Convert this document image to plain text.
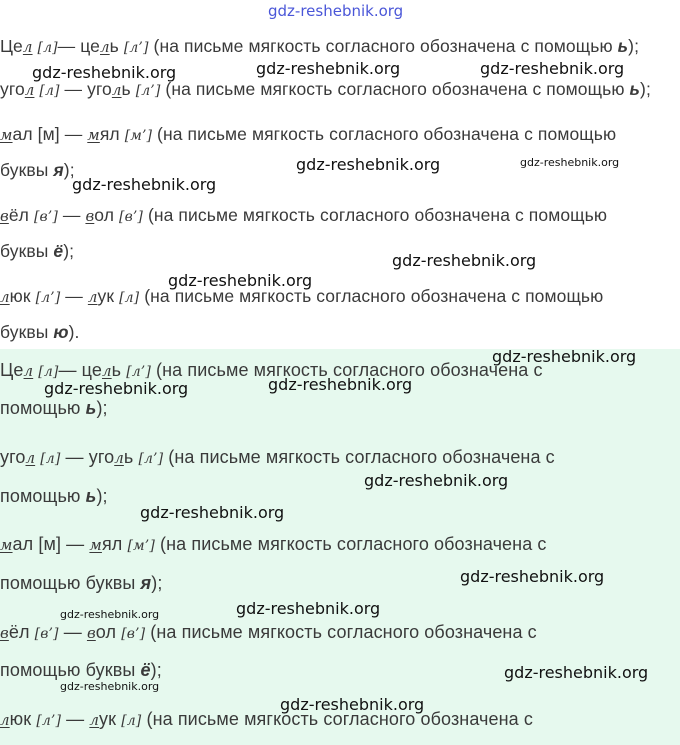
gdz-reshebnik.org
Цел [л]— цель [л’] (на письме мягкость согласного обозначена с помощью ь);
угол [л] — уголь [л’] (на письме мягкость согласного обозначена с помощью ь);
мал [м] — мял [м’] (на письме мягкость согласного обозначена с помощью
буквы я);
вёл [в’] — вол [в’] (на письме мягкость согласного обозначена с помощью
буквы ё);
люк [л’] — лук [л] (на письме мягкость согласного обозначена с помощью
буквы ю).
Цел [л]— цель [л’] (на письме мягкость согласного обозначена с
помощью ь);
угол [л] — уголь [л’] (на письме мягкость согласного обозначена с
помощью ь);
мал [м] — мял [м’] (на письме мягкость согласного обозначена с
помощью буквы я);
вёл [в’] — вол [в’] (на письме мягкость согласного обозначена с
помощью буквы ё);
люк [л’] — лук [л] (на письме мягкость согласного обозначена с
gdz-reshebnik.org	gdz-reshebnik.org	gdz-reshebnik.org
gdz-reshebnik.org	gdz-reshebnik.org
gdz-reshebnik.org
gdz-reshebnik.org
gdz-reshebnik.org
gdz-reshebnik.org
gdz-reshebnik.org
gdz-reshebnik.org
gdz-reshebnik.org
gdz-reshebnik.org
gdz-reshebnik.org
gdz-reshebnik.org
gdz-reshebnik.org
gdz-reshebnik.org
gdz-reshebnik.org
gdz-reshebnik.org
